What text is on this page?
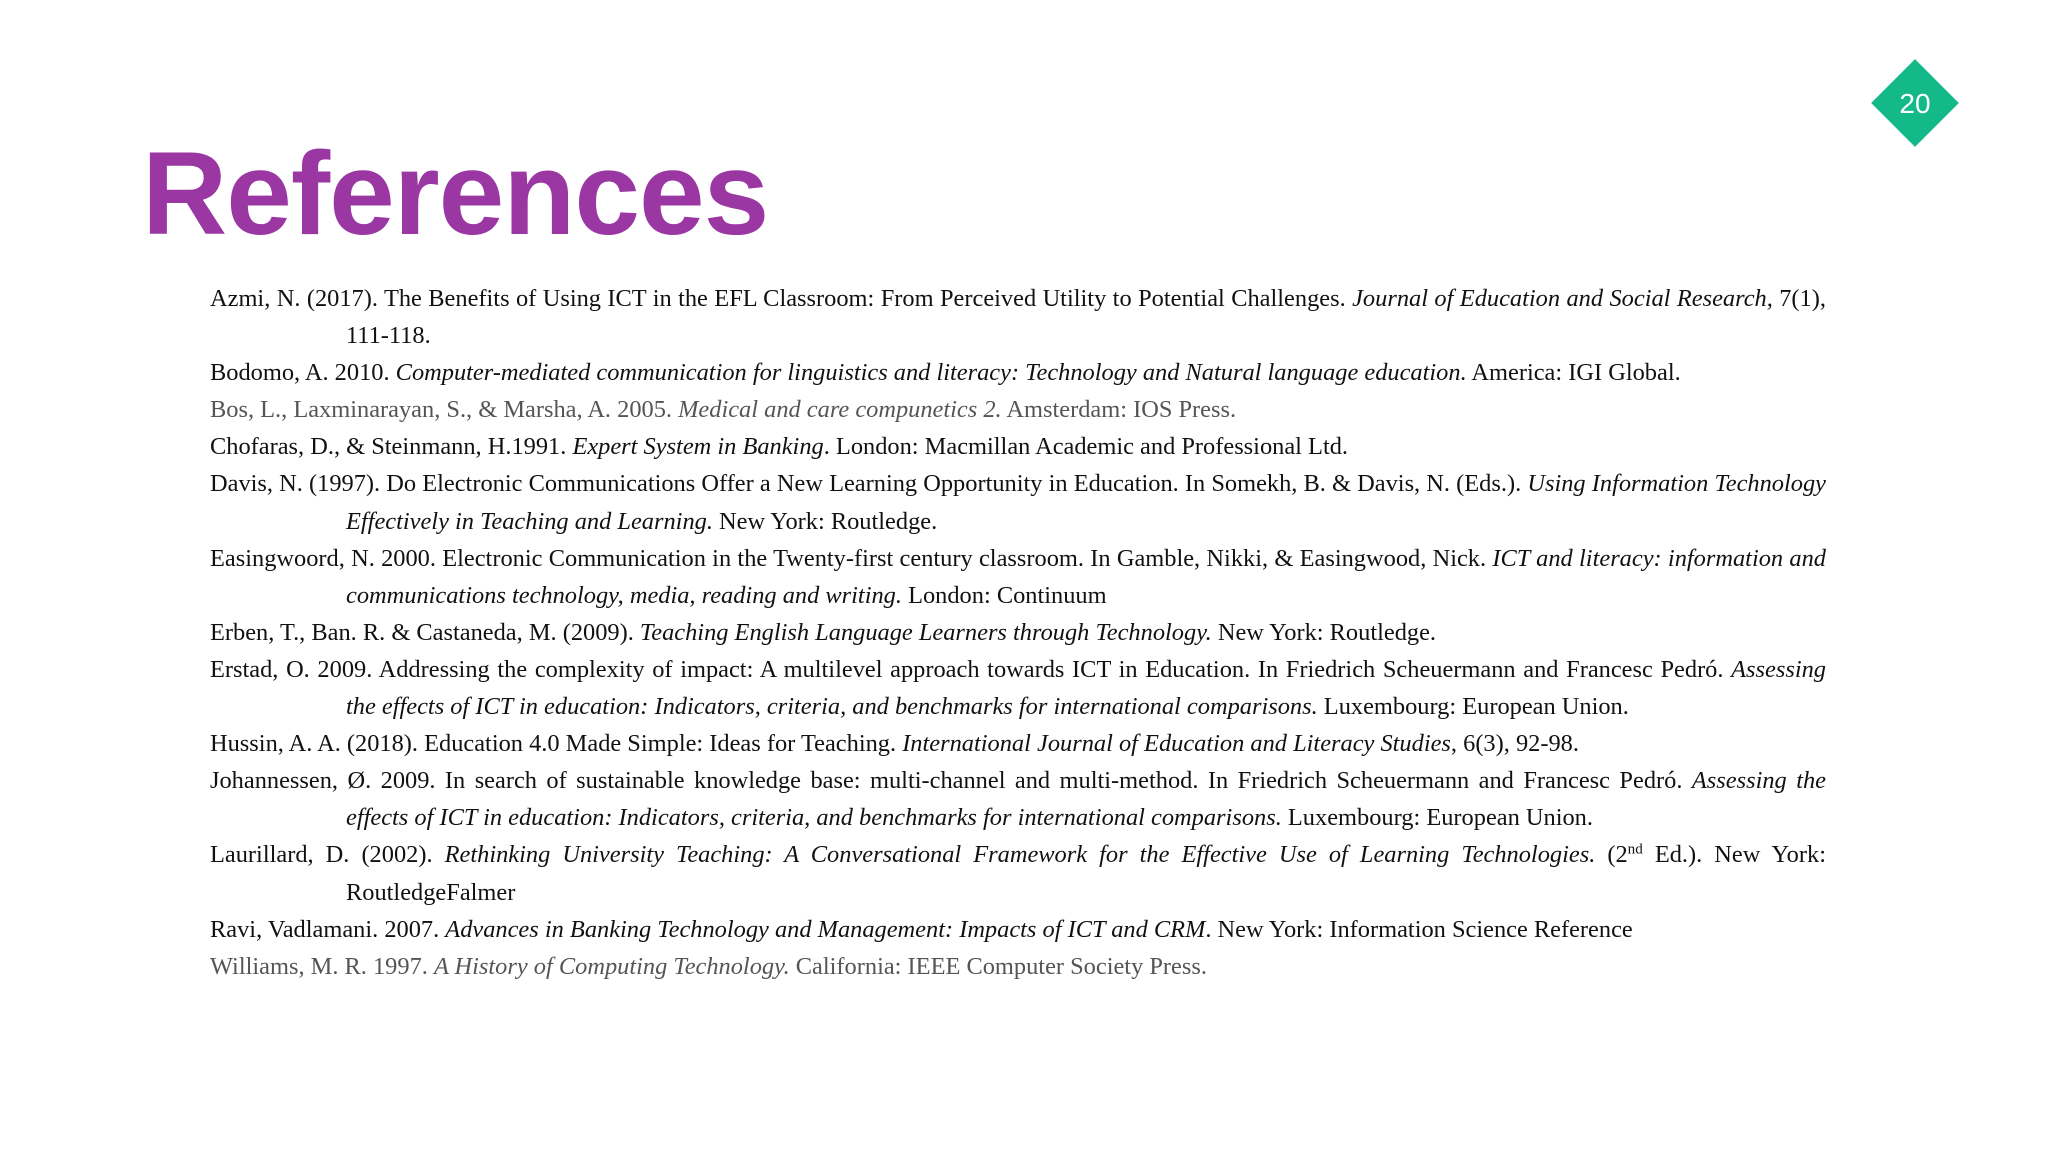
20
References

Azmi, N. (2017). The Benefits of Using ICT in the EFL Classroom: From Perceived Utility to Potential Challenges. Journal of Education and Social Research, 7(1), 111-118.

Bodomo, A. 2010. Computer-mediated communication for linguistics and literacy: Technology and Natural language education. America: IGI Global.

Bos, L., Laxminarayan, S., & Marsha, A. 2005. Medical and care compunetics 2. Amsterdam: IOS Press.

Chofaras, D., & Steinmann, H.1991. Expert System in Banking. London: Macmillan Academic and Professional Ltd.

Davis, N. (1997). Do Electronic Communications Offer a New Learning Opportunity in Education. In Somekh, B. & Davis, N. (Eds.). Using Information Technology Effectively in Teaching and Learning. New York: Routledge.

Easingwoord, N. 2000. Electronic Communication in the Twenty-first century classroom. In Gamble, Nikki, & Easingwood, Nick. ICT and literacy: information and communications technology, media, reading and writing. London: Continuum

Erben, T., Ban. R. & Castaneda, M. (2009). Teaching English Language Learners through Technology. New York: Routledge.

Erstad, O. 2009. Addressing the complexity of impact: A multilevel approach towards ICT in Education. In Friedrich Scheuermann and Francesc Pedró. Assessing the effects of ICT in education: Indicators, criteria, and benchmarks for international comparisons. Luxembourg: European Union.

Hussin, A. A. (2018). Education 4.0 Made Simple: Ideas for Teaching. International Journal of Education and Literacy Studies, 6(3), 92-98.

Johannessen, Ø. 2009. In search of sustainable knowledge base: multi-channel and multi-method. In Friedrich Scheuermann and Francesc Pedró. Assessing the effects of ICT in education: Indicators, criteria, and benchmarks for international comparisons. Luxembourg: European Union.

Laurillard, D. (2002). Rethinking University Teaching: A Conversational Framework for the Effective Use of Learning Technologies. (2nd Ed.). New York: RoutledgeFalmer

Ravi, Vadlamani. 2007. Advances in Banking Technology and Management: Impacts of ICT and CRM. New York: Information Science Reference

Williams, M. R. 1997. A History of Computing Technology. California: IEEE Computer Society Press.
